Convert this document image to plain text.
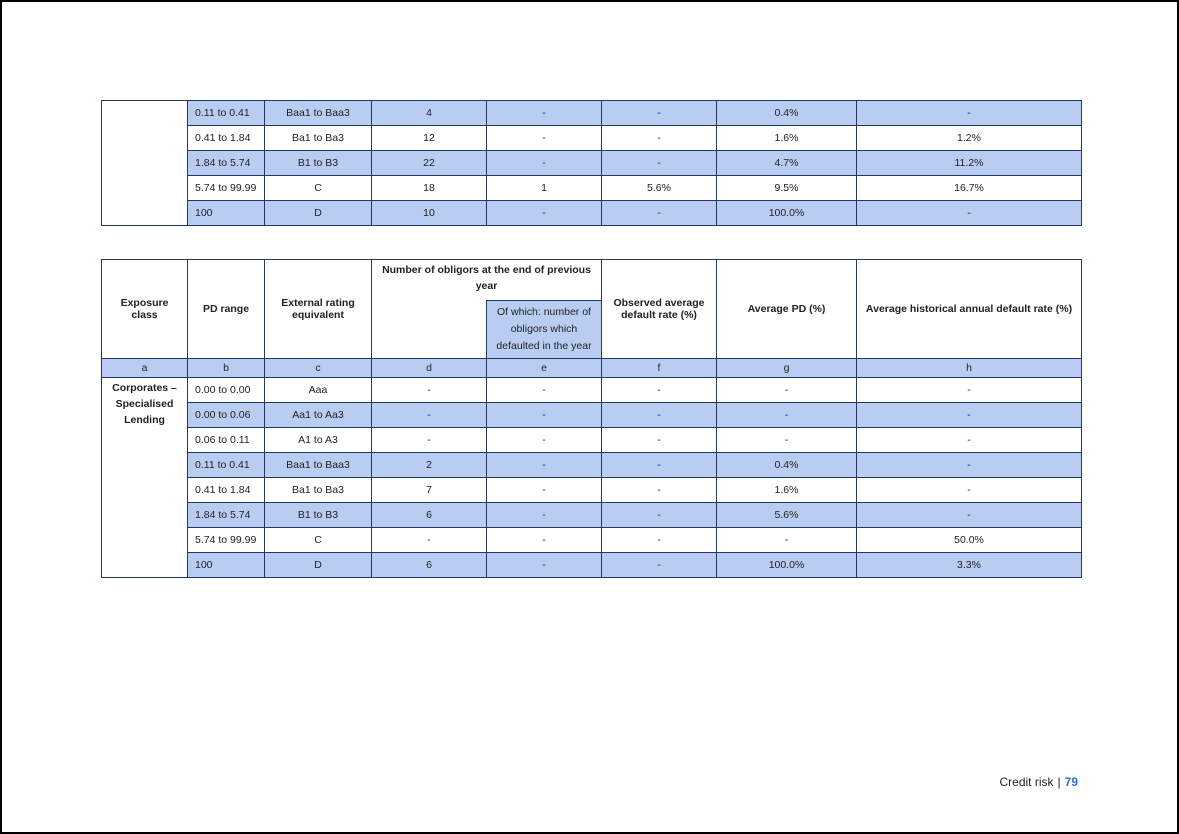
	0.11 to 0.41	Baa1 to Baa3	4	-	-	0.4%	-
	0.41 to 1.84	Ba1 to Ba3	12	-	-	1.6%	1.2%
	1.84 to 5.74	B1 to B3	22	-	-	4.7%	11.2%
	5.74 to 99.99	C	18	1	5.6%	9.5%	16.7%
	100	D	10	-	-	100.0%	-
Exposure class	PD range	External rating equivalent	Number of obligors at the end of previous year		Observed average default rate (%)	Average PD (%)	Average historical annual default rate (%)
				Of which: number of obligors which defaulted in the year			
a	b	c	d	e	f	g	h
Corporates – Specialised Lending	0.00 to 0.00	Aaa	-	-	-	-	-
	0.00 to 0.06	Aa1 to Aa3	-	-	-	-	-
	0.06 to 0.11	A1 to A3	-	-	-	-	-
	0.11 to 0.41	Baa1 to Baa3	2	-	-	0.4%	-
	0.41 to 1.84	Ba1 to Ba3	7	-	-	1.6%	-
	1.84 to 5.74	B1 to B3	6	-	-	5.6%	-
	5.74 to 99.99	C	-	-	-	-	50.0%
	100	D	6	-	-	100.0%	3.3%
Credit risk | 79
